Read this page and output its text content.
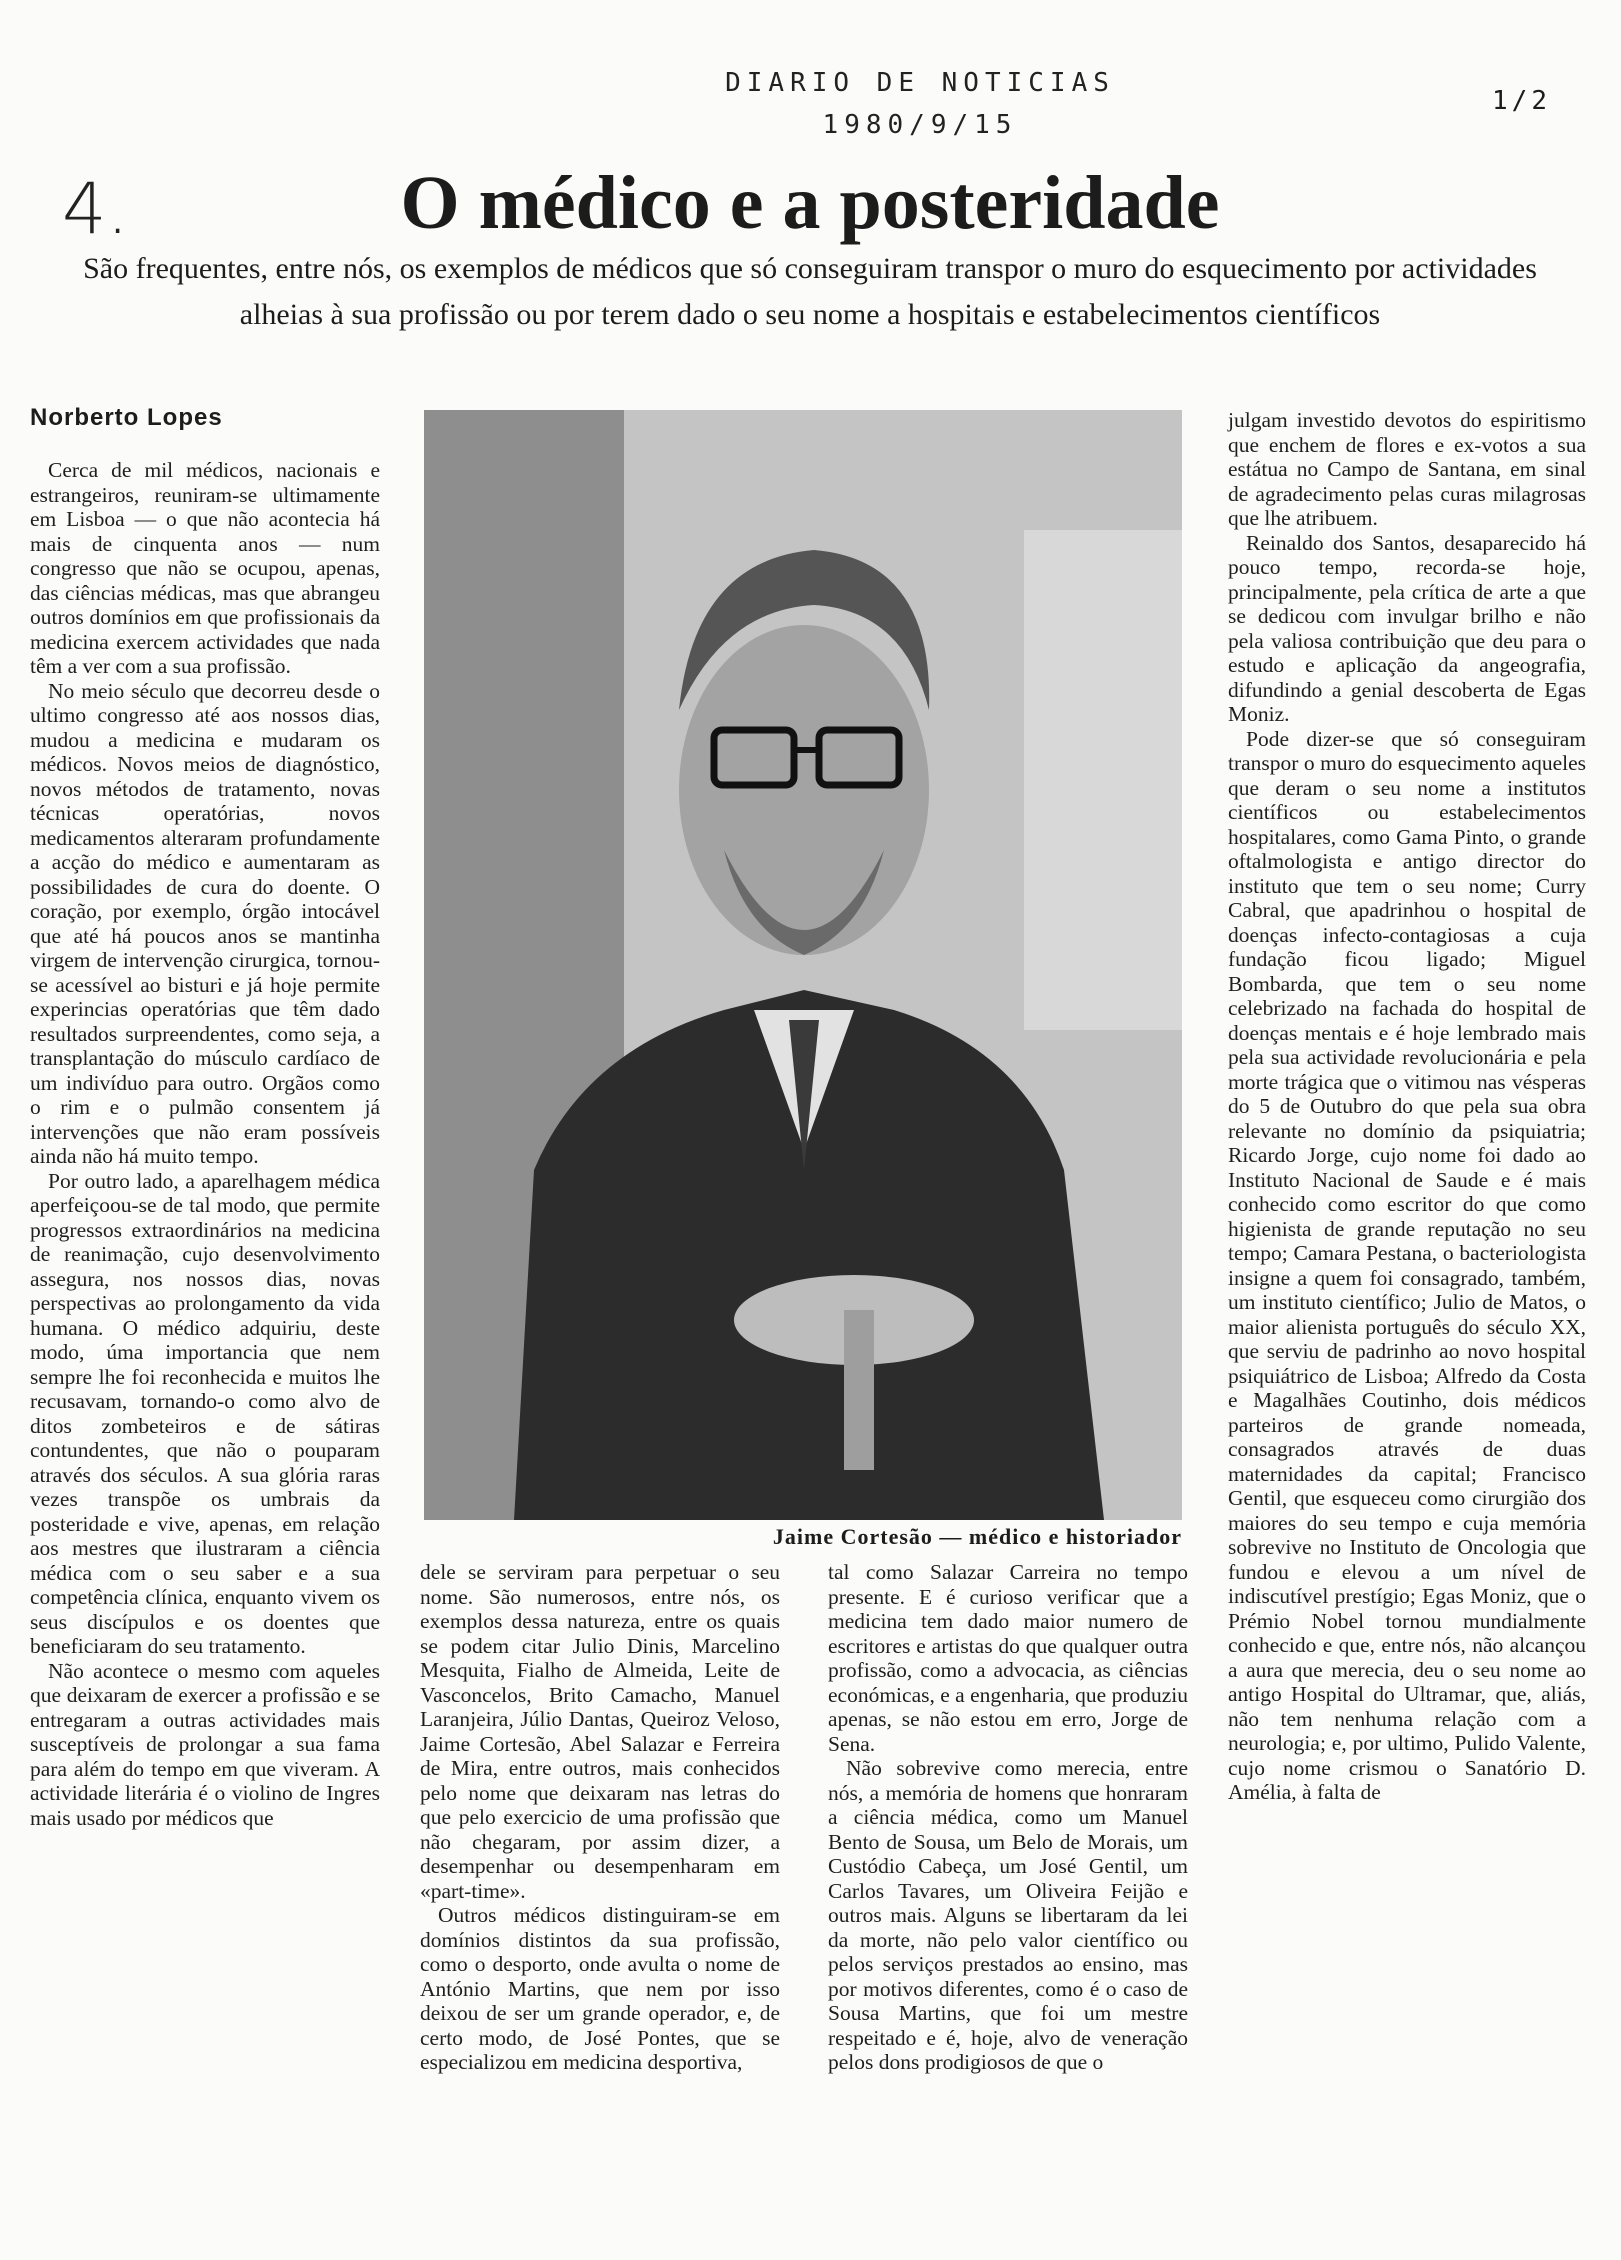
DIARIO DE NOTICIAS
1980/9/15
1/2
4.	O médico e a posteridade
São frequentes, entre nós, os exemplos de médicos que só conseguiram transpor o muro do esquecimento por actividades alheias à sua profissão ou por terem dado o seu nome a hospitais e estabelecimentos científicos
Norberto Lopes

Cerca de mil médicos, nacionais e estrangeiros, reuniram-se ultimamente em Lisboa — o que não acontecia há mais de cinquenta anos — num congresso que não se ocupou, apenas, das ciências médicas, mas que abrangeu outros domínios em que profissionais da medicina exercem actividades que nada têm a ver com a sua profissão.

No meio século que decorreu desde o ultimo congresso até aos nossos dias, mudou a medicina e mudaram os médicos. Novos meios de diagnóstico, novos métodos de tratamento, novas técnicas operatórias, novos medicamentos alteraram profundamente a acção do médico e aumentaram as possibilidades de cura do doente. O coração, por exemplo, órgão intocável que até há poucos anos se mantinha virgem de intervenção cirurgica, tornou-se acessível ao bisturi e já hoje permite experincias operatórias que têm dado resultados surpreendentes, como seja, a transplantação do músculo cardíaco de um indivíduo para outro. Orgãos como o rim e o pulmão consentem já intervenções que não eram possíveis ainda não há muito tempo.

Por outro lado, a aparelhagem médica aperfeiçoou-se de tal modo, que permite progressos extraordinários na medicina de reanimação, cujo desenvolvimento assegura, nos nossos dias, novas perspectivas ao prolongamento da vida humana. O médico adquiriu, deste modo, úma importancia que nem sempre lhe foi reconhecida e muitos lhe recusavam, tornando-o como alvo de ditos zombeteiros e de sátiras contundentes, que não o pouparam através dos séculos. A sua glória raras vezes transpõe os umbrais da posteridade e vive, apenas, em relação aos mestres que ilustraram a ciência médica com o seu saber e a sua competência clínica, enquanto vivem os seus discípulos e os doentes que beneficiaram do seu tratamento.

Não acontece o mesmo com aqueles que deixaram de exercer a profissão e se entregaram a outras actividades mais susceptíveis de prolongar a sua fama para além do tempo em que viveram. A actividade literária é o violino de Ingres mais usado por médicos que

Jaime Cortesão — médico e historiador

dele se serviram para perpetuar o seu nome. São numerosos, entre nós, os exemplos dessa natureza, entre os quais se podem citar Julio Dinis, Marcelino Mesquita, Fialho de Almeida, Leite de Vasconcelos, Brito Camacho, Manuel Laranjeira, Júlio Dantas, Queiroz Veloso, Jaime Cortesão, Abel Salazar e Ferreira de Mira, entre outros, mais conhecidos pelo nome que deixaram nas letras do que pelo exercicio de uma profissão que não chegaram, por assim dizer, a desempenhar ou desempenharam em «part-time».

Outros médicos distinguiram-se em domínios distintos da sua profissão, como o desporto, onde avulta o nome de António Martins, que nem por isso deixou de ser um grande operador, e, de certo modo, de José Pontes, que se especializou em medicina desportiva,

tal como Salazar Carreira no tempo presente. E é curioso verificar que a medicina tem dado maior numero de escritores e artistas do que qualquer outra profissão, como a advocacia, as ciências económicas, e a engenharia, que produziu apenas, se não estou em erro, Jorge de Sena.

Não sobrevive como merecia, entre nós, a memória de homens que honraram a ciência médica, como um Manuel Bento de Sousa, um Belo de Morais, um Custódio Cabeça, um José Gentil, um Carlos Tavares, um Oliveira Feijão e outros mais. Alguns se libertaram da lei da morte, não pelo valor científico ou pelos serviços prestados ao ensino, mas por motivos diferentes, como é o caso de Sousa Martins, que foi um mestre respeitado e é, hoje, alvo de veneração pelos dons prodigiosos de que o

julgam investido devotos do espiritismo que enchem de flores e ex-votos a sua estátua no Campo de Santana, em sinal de agradecimento pelas curas milagrosas que lhe atribuem.

Reinaldo dos Santos, desaparecido há pouco tempo, recorda-se hoje, principalmente, pela crítica de arte a que se dedicou com invulgar brilho e não pela valiosa contribuição que deu para o estudo e aplicação da angeografia, difundindo a genial descoberta de Egas Moniz.

Pode dizer-se que só conseguiram transpor o muro do esquecimento aqueles que deram o seu nome a institutos científicos ou estabelecimentos hospitalares, como Gama Pinto, o grande oftalmologista e antigo director do instituto que tem o seu nome; Curry Cabral, que apadrinhou o hospital de doenças infecto-contagiosas a cuja fundação ficou ligado; Miguel Bombarda, que tem o seu nome celebrizado na fachada do hospital de doenças mentais e é hoje lembrado mais pela sua actividade revolucionária e pela morte trágica que o vitimou nas vésperas do 5 de Outubro do que pela sua obra relevante no domínio da psiquiatria; Ricardo Jorge, cujo nome foi dado ao Instituto Nacional de Saude e é mais conhecido como escritor do que como higienista de grande reputação no seu tempo; Camara Pestana, o bacteriologista insigne a quem foi consagrado, também, um instituto científico; Julio de Matos, o maior alienista português do século XX, que serviu de padrinho ao novo hospital psiquiátrico de Lisboa; Alfredo da Costa e Magalhães Coutinho, dois médicos parteiros de grande nomeada, consagrados através de duas maternidades da capital; Francisco Gentil, que esqueceu como cirurgião dos maiores do seu tempo e cuja memória sobrevive no Instituto de Oncologia que fundou e elevou a um nível de indiscutível prestígio; Egas Moniz, que o Prémio Nobel tornou mundialmente conhecido e que, entre nós, não alcançou a aura que merecia, deu o seu nome ao antigo Hospital do Ultramar, que, aliás, não tem nenhuma relação com a neurologia; e, por ultimo, Pulido Valente, cujo nome crismou o Sanatório D. Amélia, à falta de
